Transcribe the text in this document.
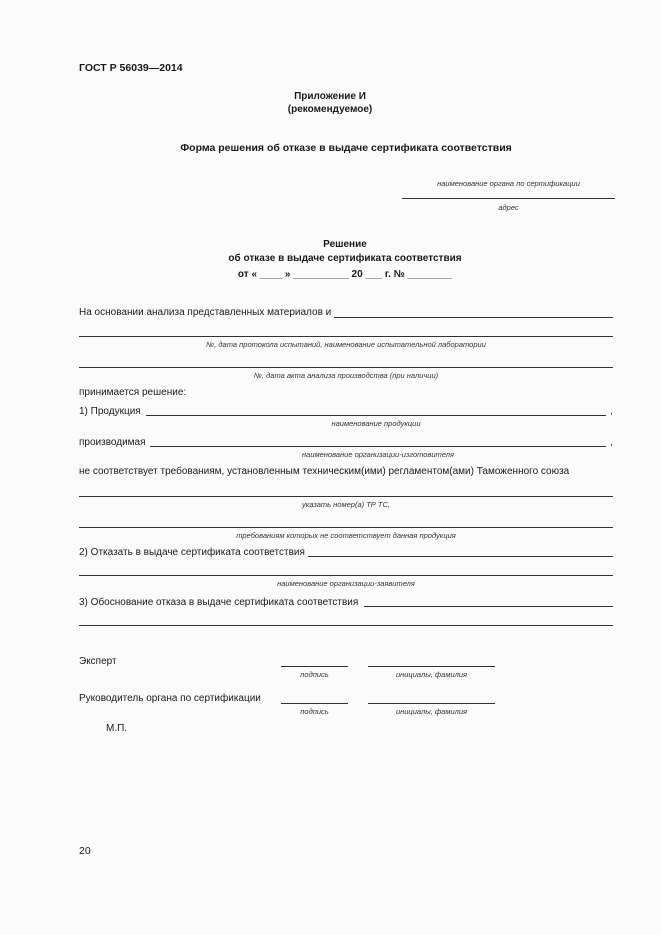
ГОСТ Р 56039—2014
Приложение И
(рекомендуемое)
Форма решения об отказе в выдаче сертификата соответствия
наименование органа по сертификации
адрес
Решение
об отказе в выдаче сертификата соответствия
от « ____ » __________ 20 ___ г. № ________
На основании анализа представленных материалов и
№, дата протокола испытаний, наименование испытательной лаборатории
№, дата акта анализа производства (при наличии)
принимается решение:
1) Продукция	,
наименование продукции
производимая	,
наименование организации-изготовителя
не соответствует требованиям, установленным техническим(ими) регламентом(ами) Таможенного союза
указать номер(а) ТР ТС,
требованиям которых не соответствует данная продукция
2) Отказать в выдаче сертификата соответствия
наименование организации-заявителя
3) Обоснование отказа в выдаче сертификата соответствия
Эксперт
подпись	инициалы, фамилия
Руководитель органа по сертификации
подпись	инициалы, фамилия
М.П.
20
